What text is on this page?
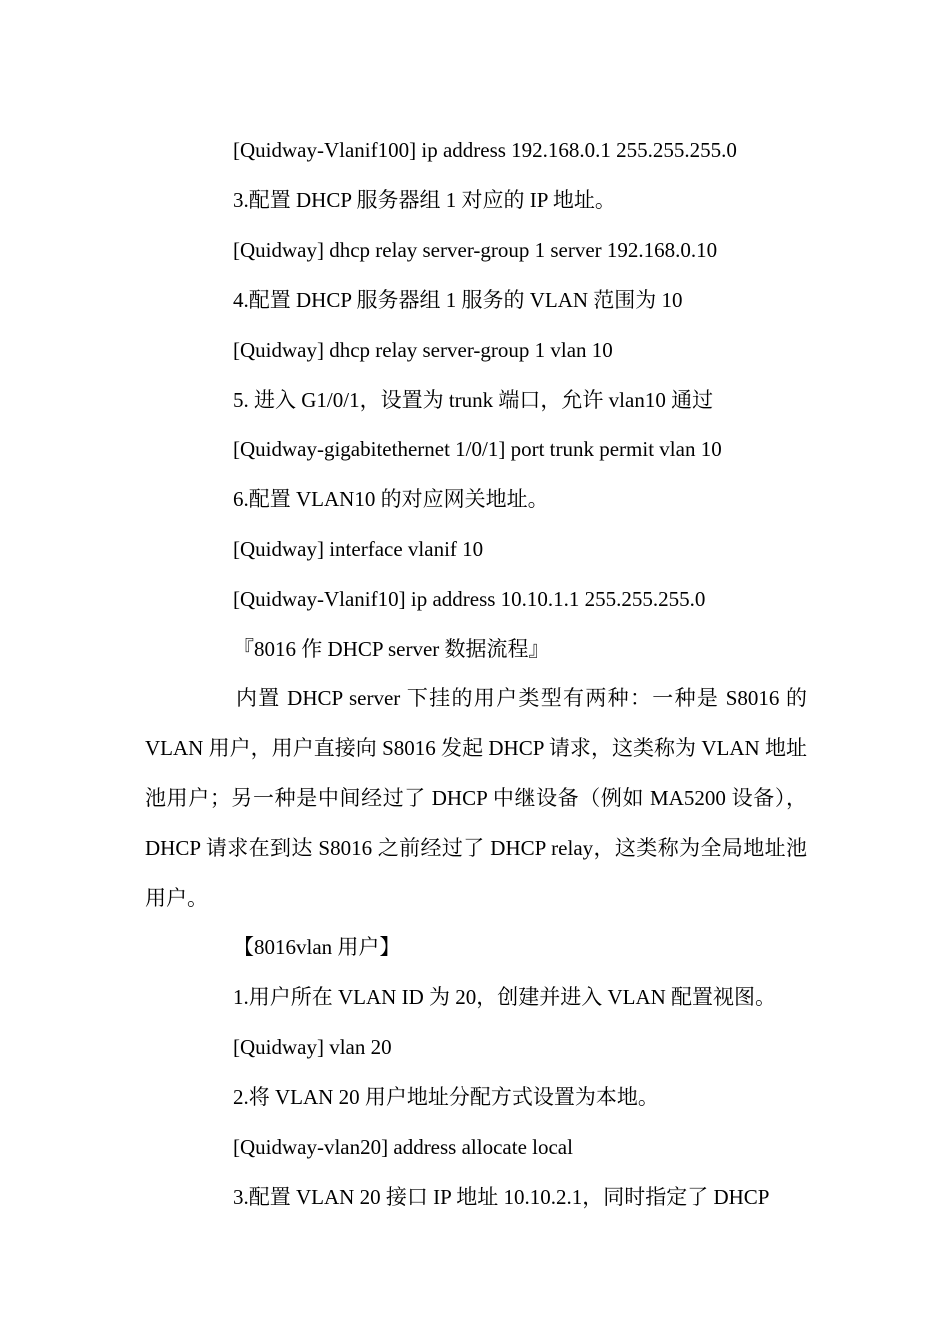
[Quidway-Vlanif100] ip address 192.168.0.1 255.255.255.0
3.配置 DHCP 服务器组 1 对应的 IP 地址。
[Quidway] dhcp relay server-group 1 server 192.168.0.10
4.配置 DHCP 服务器组 1 服务的 VLAN 范围为 10
[Quidway] dhcp relay server-group 1 vlan 10
5. 进入 G1/0/1，设置为 trunk 端口，允许 vlan10 通过
[Quidway-gigabitethernet 1/0/1] port trunk permit vlan 10
6.配置 VLAN10 的对应网关地址。
[Quidway] interface vlanif 10
[Quidway-Vlanif10] ip address 10.10.1.1 255.255.255.0
『8016 作 DHCP server 数据流程』
内置 DHCP server 下挂的用户类型有两种：一种是 S8016 的 VLAN 用户，用户直接向 S8016 发起 DHCP 请求，这类称为 VLAN 地址池用户；另一种是中间经过了 DHCP 中继设备（例如 MA5200 设备），DHCP 请求在到达 S8016 之前经过了 DHCP relay，这类称为全局地址池用户。
【8016vlan 用户】
1.用户所在 VLAN ID 为 20，创建并进入 VLAN 配置视图。
[Quidway] vlan 20
2.将 VLAN 20 用户地址分配方式设置为本地。
[Quidway-vlan20] address allocate local
3.配置 VLAN 20 接口 IP 地址 10.10.2.1，同时指定了 DHCP
